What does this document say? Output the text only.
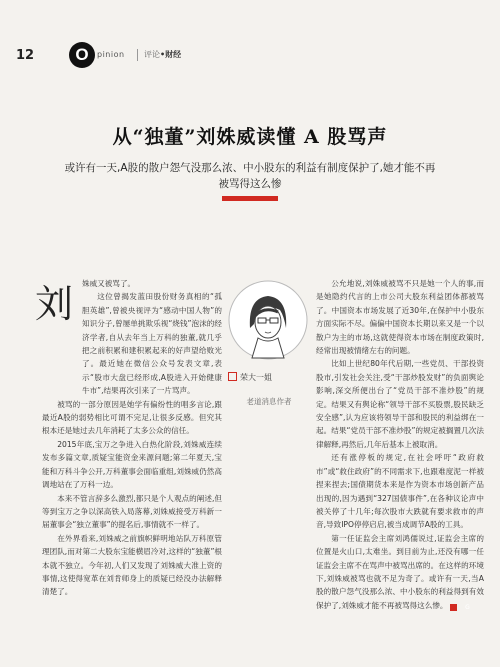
12	O	pinion 评论•财经
从“独董”刘姝威读懂 A 股骂声
或许有一天,A股的散户怨气没那么浓、中小股东的利益有制度保护了,她才能不再被骂得这么惨
刘	姝威又被骂了。

这位曾揭发蓝田股份财务真相的“孤胆英雄”,曾被央视评为“感动中国人物”的知识分子,曾屡单挑欺乐视“烧钱”泡沫的经济学者,自从去年当上万科的独董,就几乎把之前积累和建积累起来的好声望给败光了。最近她在微信公众号发表文章,表示“股市大盘已经形成,A股进入开始健康牛市”,结果再次引来了一片骂声。

被骂的一部分原因是她学有偏纷性的唱多言论,跟最近A股的弱势相比可谓不完足,让很多反感。但究其根本还是她过去几年消耗了太多公众的信任。

2015年底,宝万之争进入白热化阶段,刘姝威连续发布多篇文章,质疑宝能资金来源问题;第二年夏天,宝能和万科斗争公开,万科董事会面临重组,刘姝威仍然高调地站在了万科一边。

本来不管言辞多么激烈,都只是个人观点的阐述,但等到宝万之争以深高铁入局落幕,刘姝威接受万科新一届董事会“独立董事”的提名后,事情就不一样了。

在外界看来,刘姝威之前旗帜鲜明地站队万科原管理团队,而对第二大股东宝能横眉冷对,这样的“独董”根本就不独立。今年初,人们又发现了刘姝威大准上资的事情,这使得宽革在刘肯师身上的质疑已经没办法解释清楚了。

荣大一姐
老道消息作者

公允地说,刘姝威被骂不只是她一个人的事,而是她隐约代言的上市公司大股东利益团体都被骂了。中国资本市场发展了近30年,在保护中小股东方面实际不尽。偏偏中国资本长期以来又是一个以散户为主的市场,这就使得资本市场在制度政策时,经常出现被情绪左右的问题。

比如上世纪80年代后期,一些党员、干部投资股市,引发社会关注,受“干部炒股发财”的负面舆论影响,深交所便出台了“党员干部不准炒股”的规定。结果又有舆论称“领导干部不买股票,股民缺乏安全感”,认为应该将领导干部和股民的利益绑在一起。结果“党员干部不准炒股”的规定被搁置几次法律解释,再然后,几年后基本上被取消。

还有涨停板的规定,在社会呼吁“政府救市”或“救住政府”的不同需求下,也跟难度泥一样被捏来捏去;国债期货本来是作为资本市场创新产品出现的,因为遇到“327国债事件”,在各种议论声中被关停了十几年;每次股市大跌就有要求救市的声音,导致IPO停停启启,被当成调节A股的工具。

第一任证监会主席刘鸿儒说过,证监会主席的位置是火山口,太难坐。到目前为止,还没有哪一任证监会主席不在骂声中被骂出席的。在这样的环境下,刘姝威被骂也就不足为奇了。或许有一天,当A股的散户怨气没那么浓、中小股东的利益得到有效保护了,刘姝威才能不再被骂得这么惨。	G
